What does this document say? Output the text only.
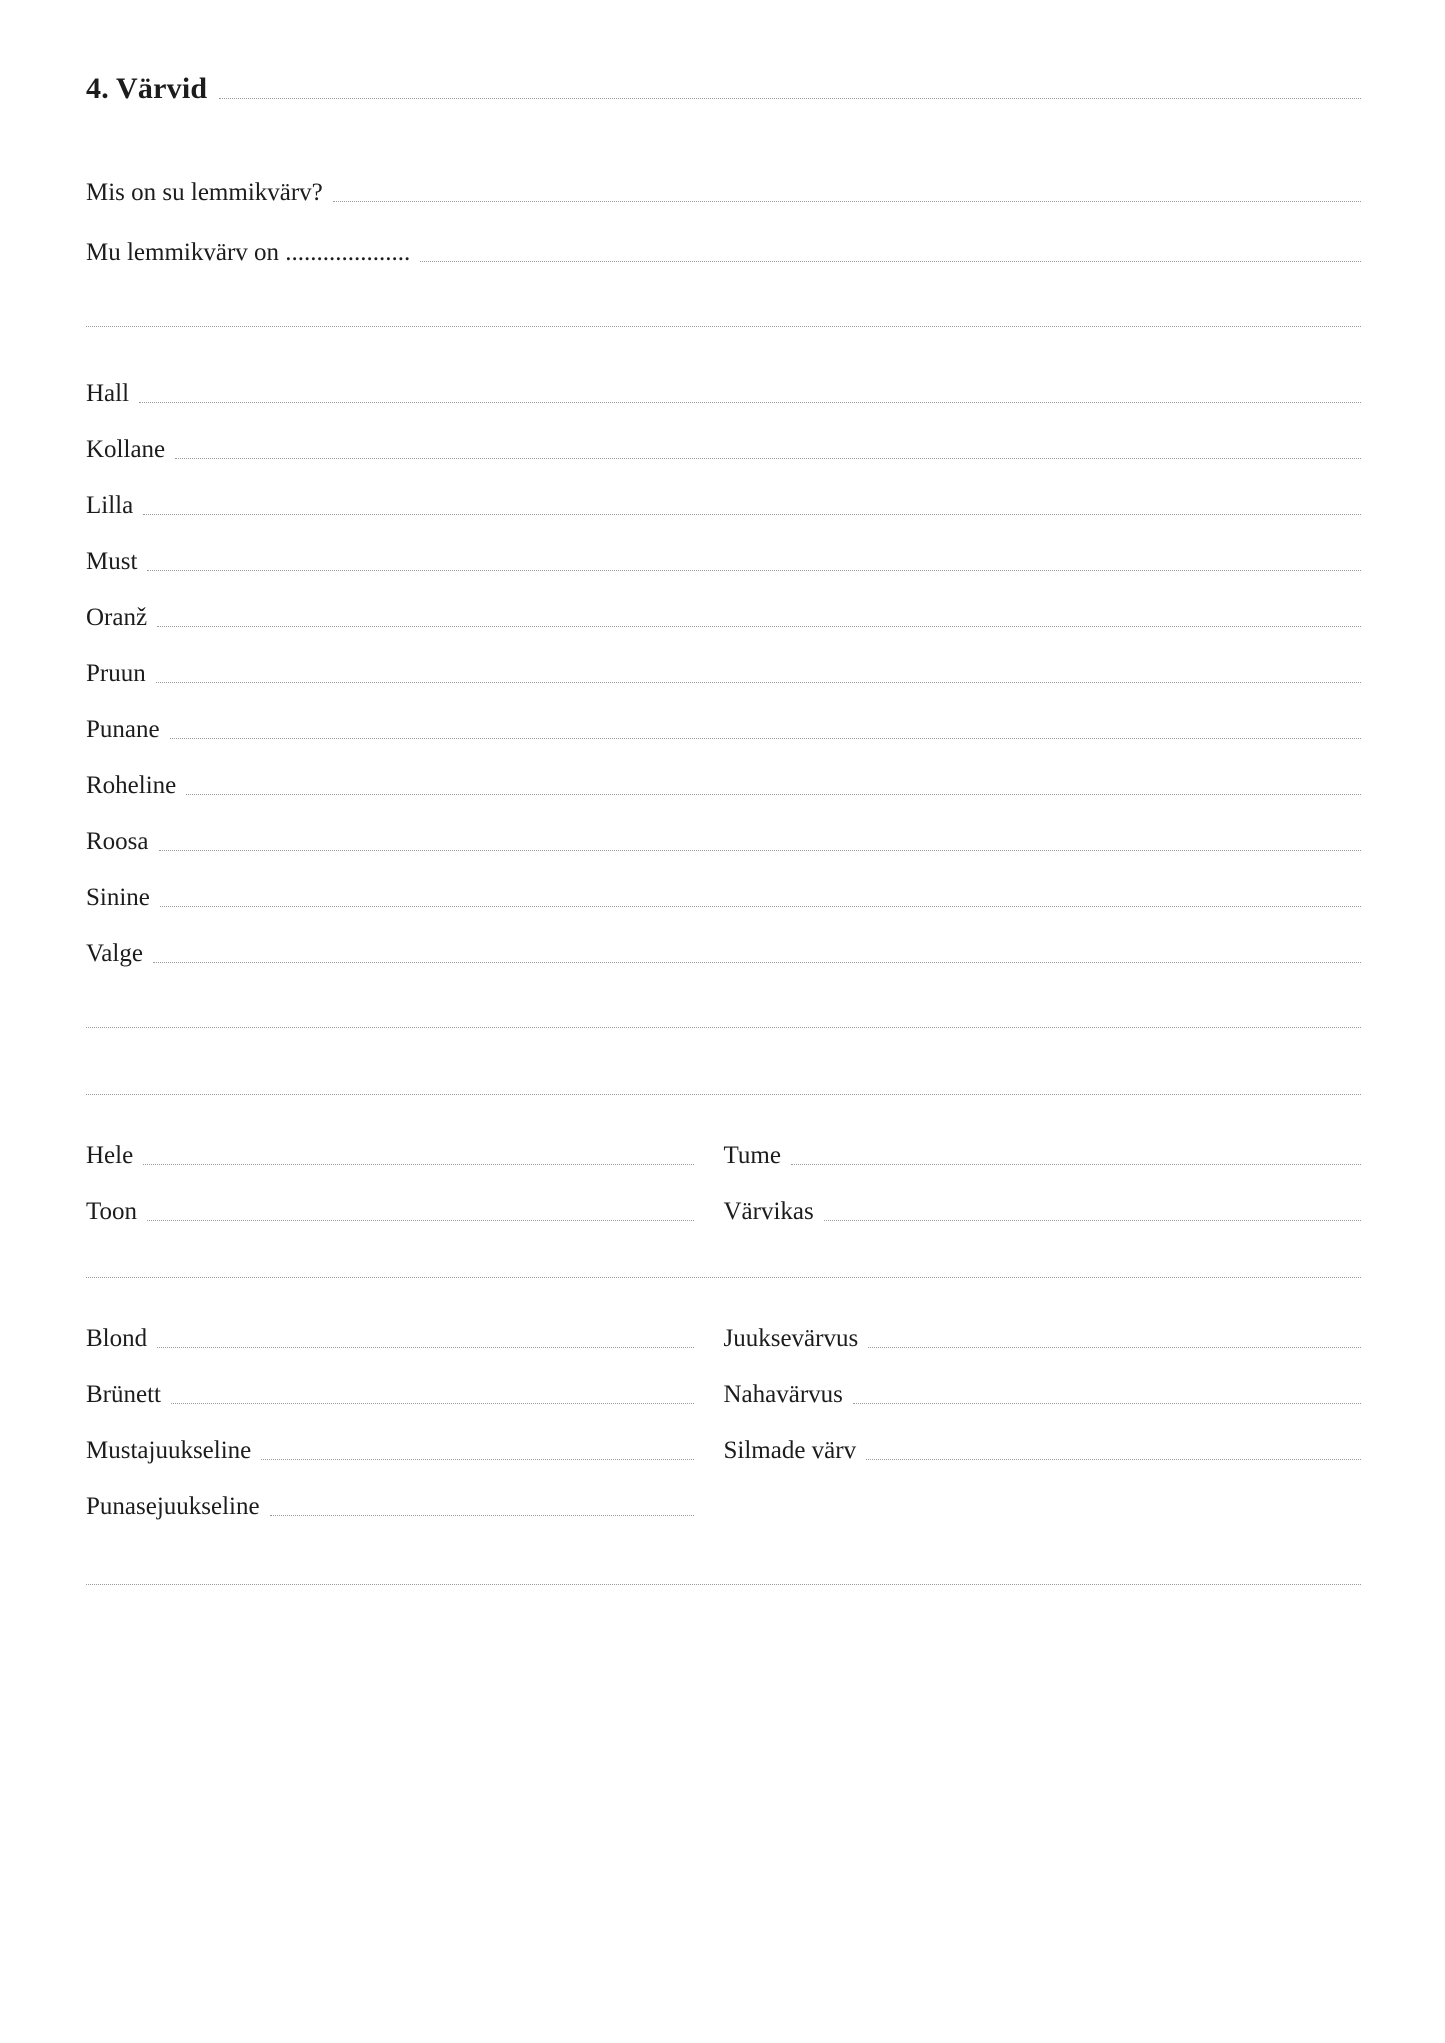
4. Värvid
Mis on su lemmikvärv?
Mu lemmikvärv on ....................
Hall
Kollane
Lilla
Must
Oranž
Pruun
Punane
Roheline
Roosa
Sinine
Valge
Hele
Toon
Tume
Värvikas
Blond
Brünett
Mustajuukseline
Punasejuukseline
Juuksevärvus
Nahavärvus
Silmade värv
